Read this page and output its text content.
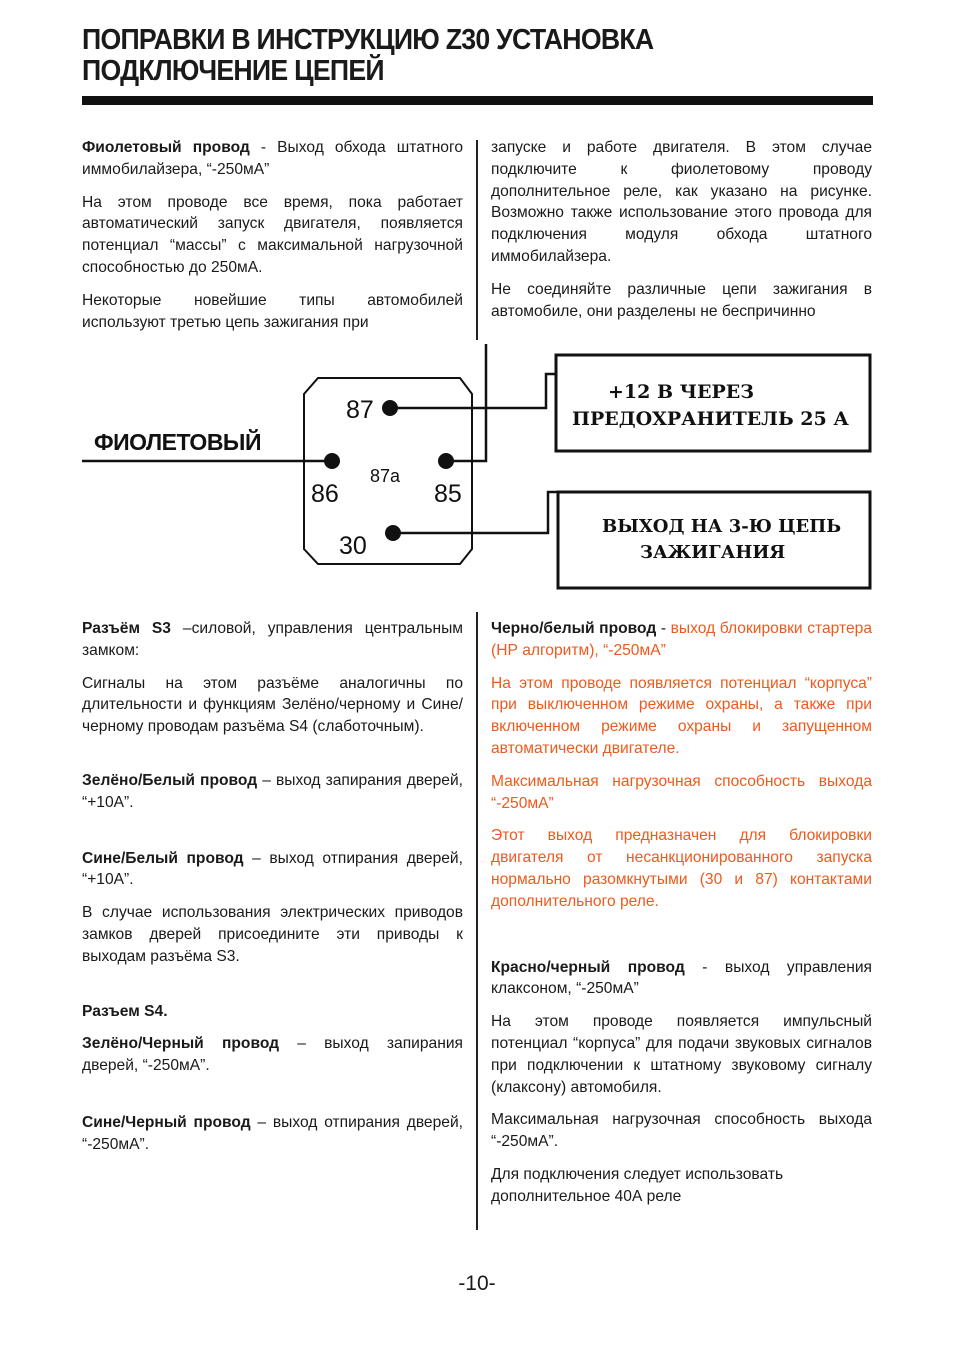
ПОПРАВКИ В ИНСТРУКЦИЮ Z30 УСТАНОВКА
ПОДКЛЮЧЕНИЕ ЦЕПЕЙ

Фиолетовый провод - Выход обхода штатного иммобилайзера, “-250мА”

На этом проводе все время, пока работает автоматический запуск двигателя, появляется потенциал “массы” с максимальной нагрузочной способностью до 250мА.

Некоторые новейшие типы автомобилей используют третью цепь зажигания при

запуске и работе двигателя. В этом случае подключите к фиолетовому проводу дополнительное реле, как указано на рисунке. Возможно также использование этого провода для подключения модуля обхода штатного иммобилайзера.

Не соединяйте различные цепи зажигания в автомобиле, они разделены не беспричинно

ФИОЛЕТОВЫЙ
87
87a
86	85
30
+12 В ЧЕРЕЗ
ПРЕДОХРАНИТЕЛЬ 25 А
ВЫХОД НА 3-Ю ЦЕПЬ
ЗАЖИГАНИЯ

Разъём S3 –силовой, управления центральным замком:

Сигналы на этом разъёме аналогичны по длительности и функциям Зелёно/черному и Сине/черному проводам разъёма S4 (слаботочным).

Зелёно/Белый провод – выход запирания дверей, “+10А”.

Сине/Белый провод – выход отпирания дверей, “+10А”.

В случае использования электрических приводов замков дверей присоедините эти приводы к выходам разъёма S3.

Разъем S4.

Зелёно/Черный провод – выход запирания дверей, “-250мА”.

Сине/Черный провод – выход отпирания дверей, “-250мА”.

Черно/белый провод - выход блокировки стартера (НР алгоритм), “-250мА”

На этом проводе появляется потенциал “корпуса” при выключенном режиме охраны, а также при включенном режиме охраны и запущенном автоматически двигателе.

Максимальная нагрузочная способность выхода “-250мА”

Этот выход предназначен для блокировки двигателя от несанкционированного запуска нормально разомкнутыми (30 и 87) контактами дополнительного реле.

Красно/черный провод - выход управления клаксоном, “-250мА”

На этом проводе появляется импульсный потенциал “корпуса” для подачи звуковых сигналов при подключении к штатному звуковому сигналу (клаксону) автомобиля.

Максимальная нагрузочная способность выхода “-250мА”.

Для подключения следует использовать дополнительное 40А реле

-10-
